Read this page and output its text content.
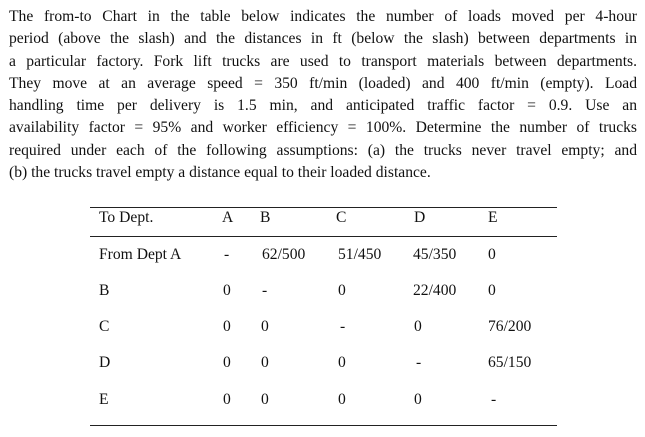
The from-to Chart in the table below indicates the number of loads moved per 4-hour
period (above the slash) and the distances in ft (below the slash) between departments in
a particular factory. Fork lift trucks are used to transport materials between departments.
They move at an average speed = 350 ft/min (loaded) and 400 ft/min (empty). Load
handling time per delivery is 1.5 min, and anticipated traffic factor = 0.9. Use an
availability factor = 95% and worker efficiency = 100%. Determine the number of trucks
required under each of the following assumptions: (a) the trucks never travel empty; and
(b) the trucks travel empty a distance equal to their loaded distance.
To Dept.	A B	C	D	E
From Dept A	- 62/500 51/450 45/350 0
B	0 -	0	22/400 0
C	0 0	-	0	76/200
D	0 0	0	-	65/150
E	0 0	0	0	-
